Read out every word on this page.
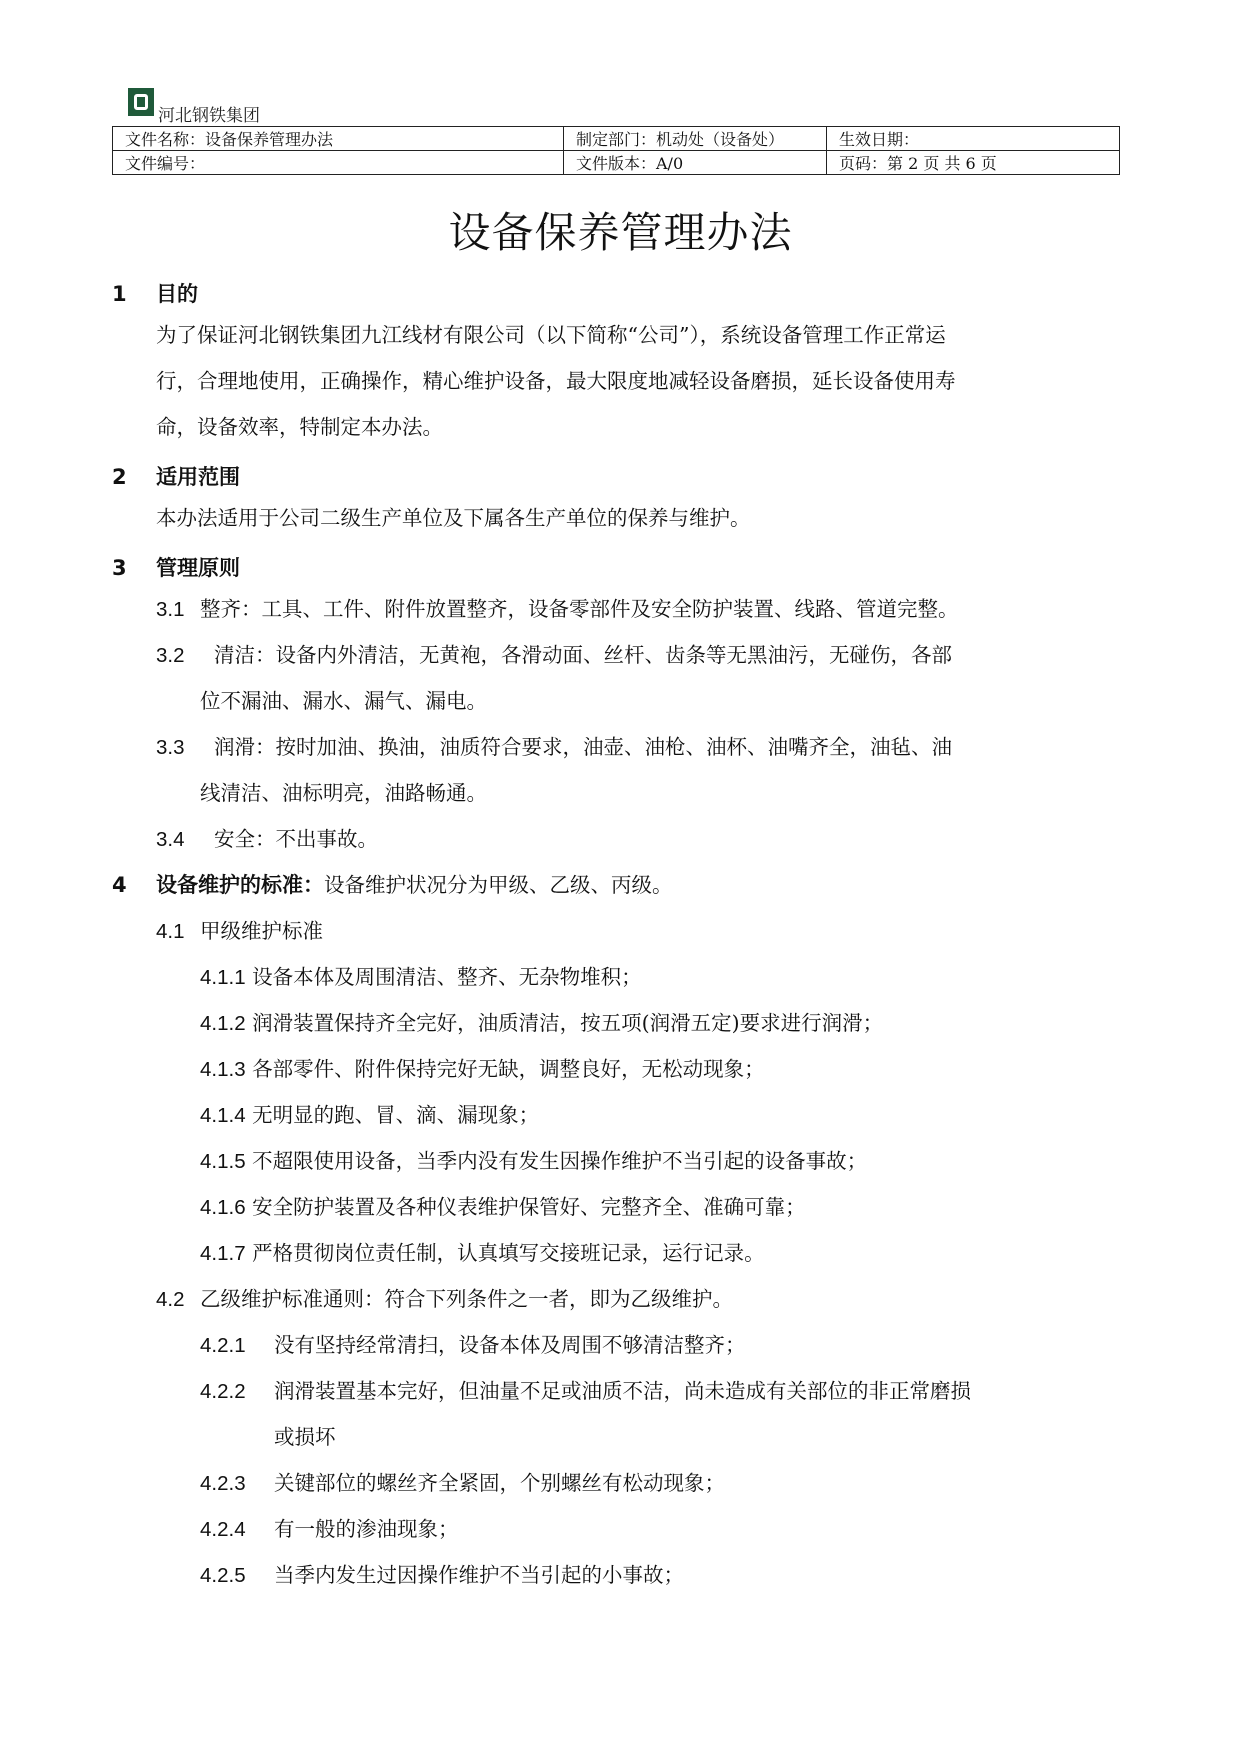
河北钢铁集团
文件名称：设备保养管理办法	制定部门：机动处（设备处）	生效日期：
文件编号：	文件版本：A/0	页码：第 2 页 共 6 页
设备保养管理办法
1 目的
为了保证河北钢铁集团九江线材有限公司（以下简称“公司”），系统设备管理工作正常运
行，合理地使用，正确操作，精心维护设备，最大限度地减轻设备磨损，延长设备使用寿
命，设备效率，特制定本办法。
2 适用范围
本办法适用于公司二级生产单位及下属各生产单位的保养与维护。
3 管理原则
3.1 整齐：工具、工件、附件放置整齐，设备零部件及安全防护装置、线路、管道完整。
3.2 清洁：设备内外清洁，无黄袍，各滑动面、丝杆、齿条等无黑油污，无碰伤，各部
位不漏油、漏水、漏气、漏电。
3.3 润滑：按时加油、换油，油质符合要求，油壶、油枪、油杯、油嘴齐全，油毡、油
线清洁、油标明亮，油路畅通。
3.4 安全：不出事故。
4 设备维护的标准：设备维护状况分为甲级、乙级、丙级。
4.1 甲级维护标准
4.1.1 设备本体及周围清洁、整齐、无杂物堆积；
4.1.2 润滑装置保持齐全完好，油质清洁，按五项(润滑五定)要求进行润滑；
4.1.3 各部零件、附件保持完好无缺，调整良好，无松动现象；
4.1.4 无明显的跑、冒、滴、漏现象；
4.1.5 不超限使用设备，当季内没有发生因操作维护不当引起的设备事故；
4.1.6 安全防护装置及各种仪表维护保管好、完整齐全、准确可靠；
4.1.7 严格贯彻岗位责任制，认真填写交接班记录，运行记录。
4.2 乙级维护标准通则：符合下列条件之一者，即为乙级维护。
4.2.1 没有坚持经常清扫，设备本体及周围不够清洁整齐；
4.2.2 润滑装置基本完好，但油量不足或油质不洁，尚未造成有关部位的非正常磨损
或损坏
4.2.3 关键部位的螺丝齐全紧固，个别螺丝有松动现象；
4.2.4 有一般的渗油现象；
4.2.5 当季内发生过因操作维护不当引起的小事故；
